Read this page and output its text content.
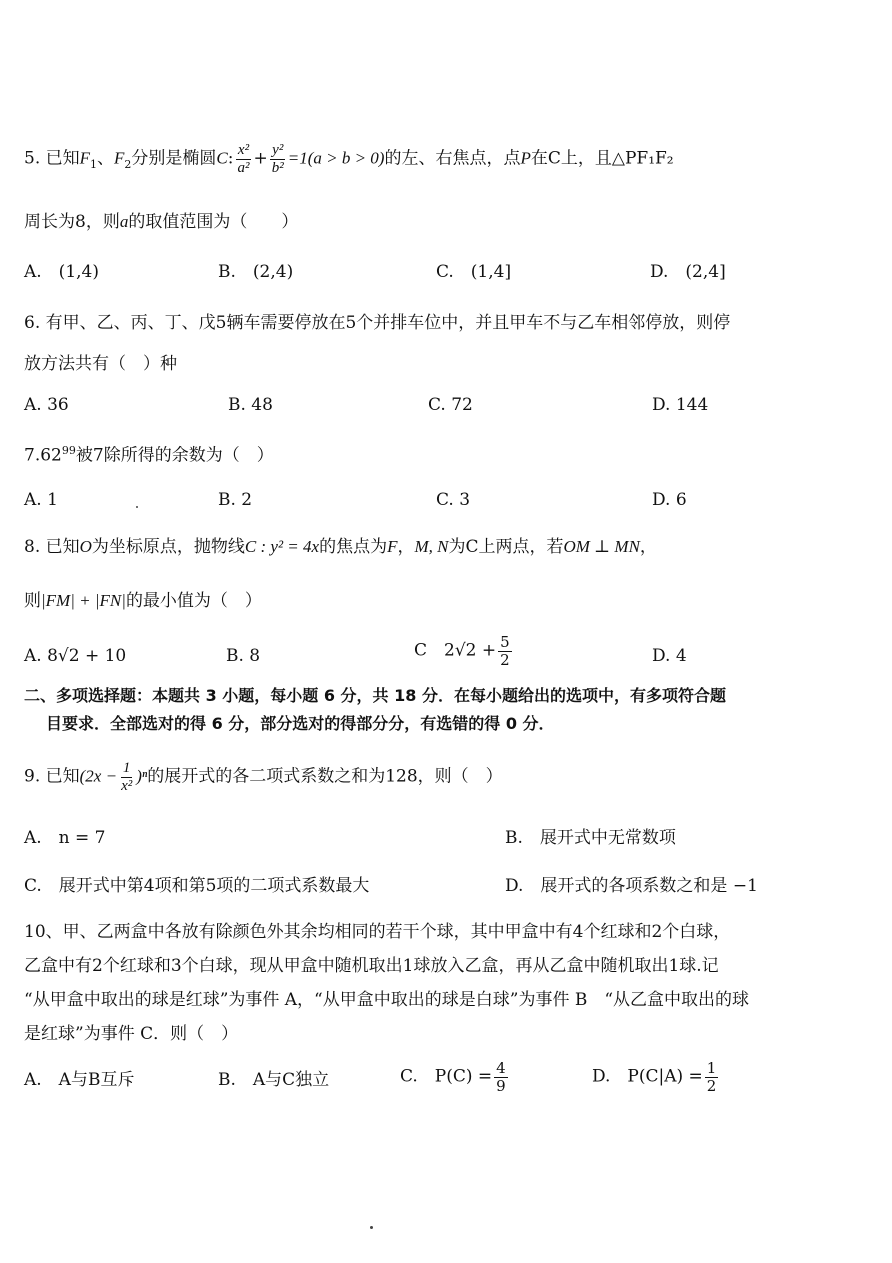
5. 已知$F_1$、$F_2$分别是椭圆C: $\frac{\text{x²}}{\text{a²}} + \frac{\text{y²}}{\text{b²}} =1(a > b > 0)$的左、右焦点，点P在C上，且△PF₁F₂
周长为8，则a的取值范围为（　　）
A.　(1,4)	B.　(2,4)	C.　(1,4]	D.　(2,4]
6. 有甲、乙、丙、丁、戊5辆车需要停放在5个并排车位中，并且甲车不与乙车相邻停放，则停
放方法共有（　）种
A. 36	B. 48	C. 72	D. 144
7.62$^{99}$被7除所得的余数为（　）
A. 1	B. 2	C. 3	D. 6
8. 已知O为坐标原点，抛物线C : y² = 4x的焦点为F，M, N为C上两点，若OM ⊥ MN，
则|FM| + |FN|的最小值为（　）
A. 8√2 + 10	B. 8	C　$2√2 + \frac{5}{2}$	D. 4
二、多项选择题：本题共 3 小题，每小题 6 分，共 18 分．在每小题给出的选项中，有多项符合题
目要求．全部选对的得 6 分，部分选对的得部分分，有选错的得 0 分．
9. 已知$(2x - \frac{1}{\text{x²}} )^n$的展开式的各二项式系数之和为128，则（　）
A.　n = 7	B.　展开式中无常数项
C.　展开式中第4项和第5项的二项式系数最大	D.　展开式的各项系数之和是 −1
10、甲、乙两盒中各放有除颜色外其余均相同的若干个球，其中甲盒中有4个红球和2个白球，
乙盒中有2个红球和3个白球，现从甲盒中随机取出1球放入乙盒，再从乙盒中随机取出1球.记
“从甲盒中取出的球是红球”为事件 A，“从甲盒中取出的球是白球”为事件 B　“从乙盒中取出的球
是红球”为事件 C．则（　）
A.　A与B互斥	B.　A与C独立	C.　$P(C) = \frac{4}{9}$	D.　$P(C|A) = \frac{1}{2}$
